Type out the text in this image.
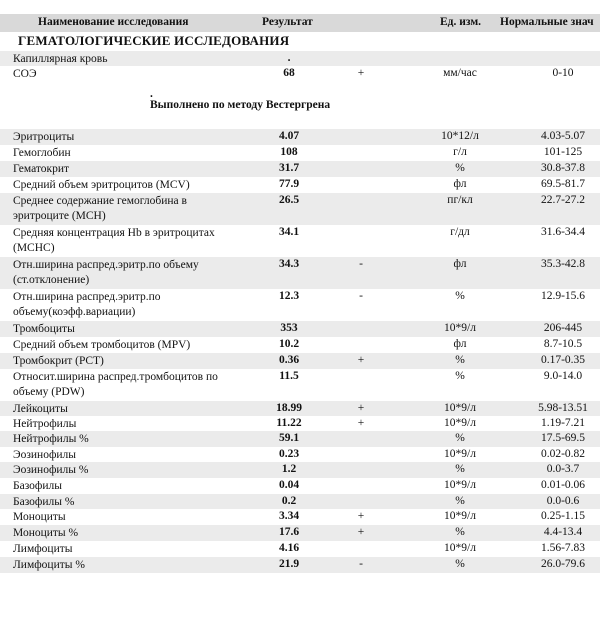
Наименование исследования	Результат	Ед. изм. Нормальные знач
ГЕМАТОЛОГИЧЕСКИЕ ИССЛЕДОВАНИЯ
.
Выполнено по методу Вестергрена
Капиллярная кровь	.
СОЭ	68	+	мм/час	0-10
Эритроциты	4.07	10*12/л	4.03-5.07
Гемоглобин	108	г/л	101-125
Гематокрит	31.7	%	30.8-37.8
Средний объем эритроцитов (MCV)	77.9	фл	69.5-81.7
Среднее содержание гемоглобина в эритроците (MCH)
26.5	пг/кл	22.7-27.2
Средняя концентрация Hb в эритроцитах (MCHC)
34.1	г/дл	31.6-34.4
Отн.ширина распред.эритр.по объему (ст.отклонение)
34.3	-	фл	35.3-42.8
Отн.ширина распред.эритр.по объему(коэфф.вариации)
12.3	-	%	12.9-15.6
Тромбоциты	353	10*9/л	206-445
Средний объем тромбоцитов (MPV)	10.2	фл	8.7-10.5
Тромбокрит (PCT)	0.36	+	%	0.17-0.35
Относит.ширина распред.тромбоцитов по объему (PDW)
11.5	%	9.0-14.0
Лейкоциты	18.99	+	10*9/л	5.98-13.51
Нейтрофилы	11.22	+	10*9/л	1.19-7.21
Нейтрофилы %	59.1	%	17.5-69.5
Эозинофилы	0.23	10*9/л	0.02-0.82
Эозинофилы %	1.2	%	0.0-3.7
Базофилы	0.04	10*9/л	0.01-0.06
Базофилы %	0.2	%	0.0-0.6
Моноциты	3.34	+	10*9/л	0.25-1.15
Моноциты %	17.6	+	%	4.4-13.4
Лимфоциты	4.16	10*9/л	1.56-7.83
Лимфоциты %	21.9	-	%	26.0-79.6
